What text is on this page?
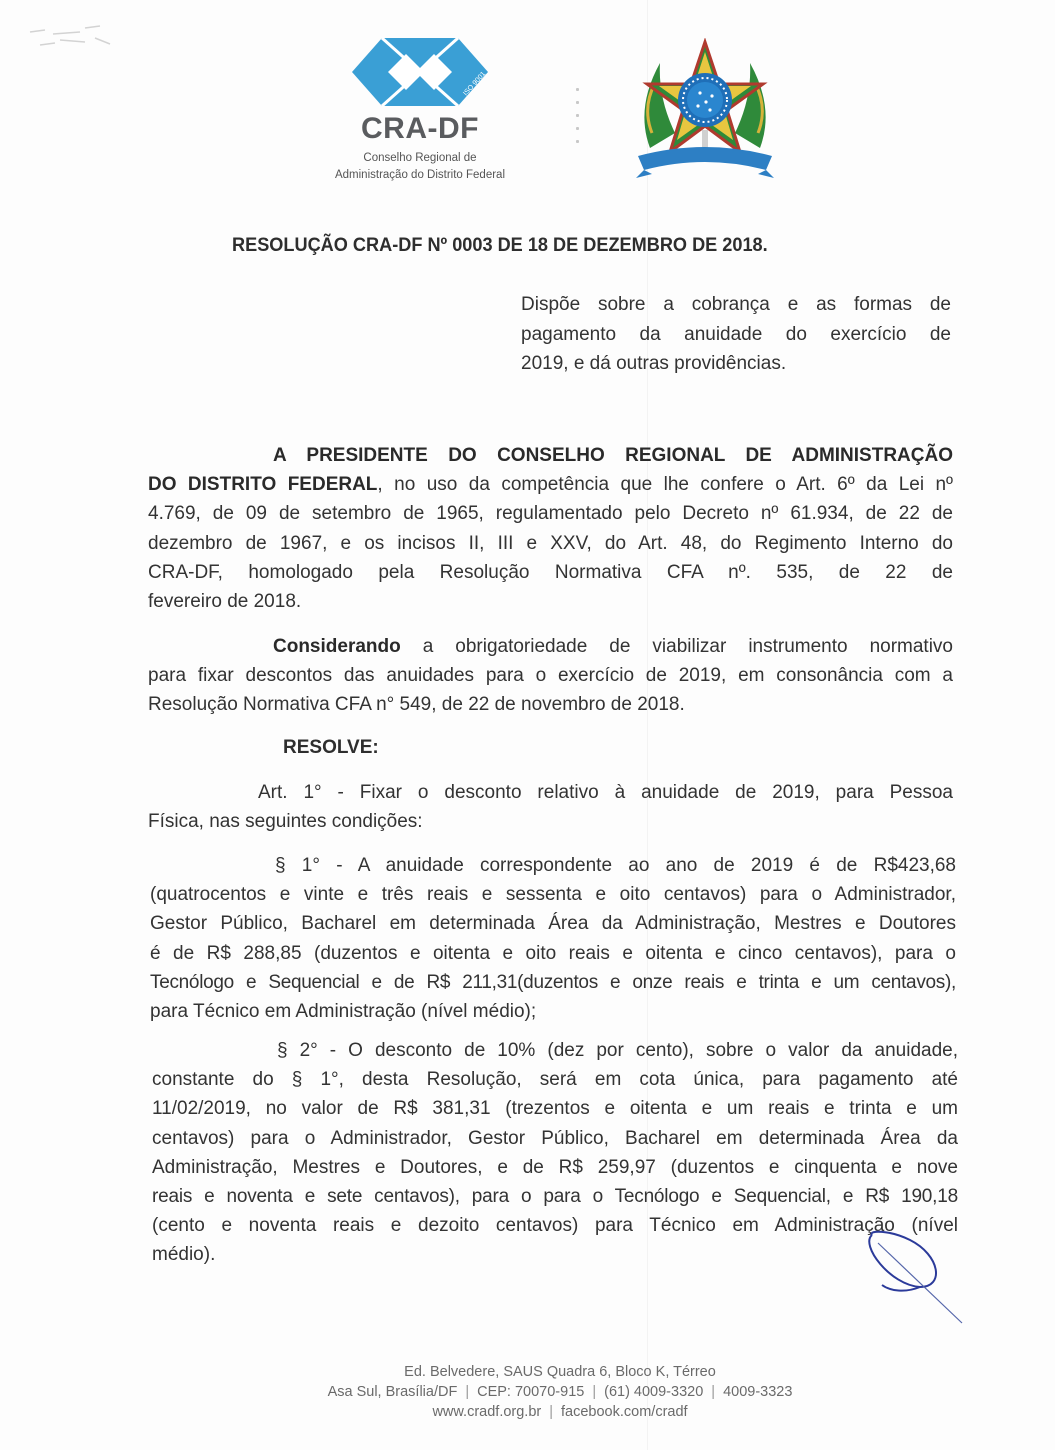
ISO 9001
CRA-DF
Conselho Regional de
Administração do Distrito Federal
RESOLUÇÃO CRA-DF Nº 0003 DE 18 DE DEZEMBRO DE 2018.
Dispõe sobre a cobrança e as formas de
pagamento da anuidade do exercício de
2019, e dá outras providências.
A PRESIDENTE DO CONSELHO REGIONAL DE ADMINISTRAÇÃO
DO DISTRITO FEDERAL, no uso da competência que lhe confere o Art. 6º da Lei nº
4.769, de 09 de setembro de 1965, regulamentado pelo Decreto nº 61.934, de 22 de
dezembro de 1967, e os incisos II, III e XXV, do Art. 48, do Regimento Interno do
CRA-DF, homologado pela Resolução Normativa CFA nº. 535, de 22 de
fevereiro de 2018.
Considerando a obrigatoriedade de viabilizar instrumento normativo
para fixar descontos das anuidades para o exercício de 2019, em consonância com a
Resolução Normativa CFA n° 549, de 22 de novembro de 2018.
RESOLVE:
Art. 1° - Fixar o desconto relativo à anuidade de 2019, para Pessoa
Física, nas seguintes condições:
§ 1° - A anuidade correspondente ao ano de 2019 é de R$423,68
(quatrocentos e vinte e três reais e sessenta e oito centavos) para o Administrador,
Gestor Público, Bacharel em determinada Área da Administração, Mestres e Doutores
é de R$ 288,85 (duzentos e oitenta e oito reais e oitenta e cinco centavos), para o
Tecnólogo e Sequencial e de R$ 211,31(duzentos e onze reais e trinta e um centavos),
para Técnico em Administração (nível médio);
§ 2° - O desconto de 10% (dez por cento), sobre o valor da anuidade,
constante do § 1°, desta Resolução, será em cota única, para pagamento até
11/02/2019, no valor de R$ 381,31 (trezentos e oitenta e um reais e trinta e um
centavos) para o Administrador, Gestor Público, Bacharel em determinada Área da
Administração, Mestres e Doutores, e de R$ 259,97 (duzentos e cinquenta e nove
reais e noventa e sete centavos), para o para o Tecnólogo e Sequencial, e R$ 190,18
(cento e noventa reais e dezoito centavos) para Técnico em Administração (nível
médio).
Ed. Belvedere, SAUS Quadra 6, Bloco K, Térreo
Asa Sul, Brasília/DF | CEP: 70070-915 | (61) 4009-3320 | 4009-3323
www.cradf.org.br | facebook.com/cradf
